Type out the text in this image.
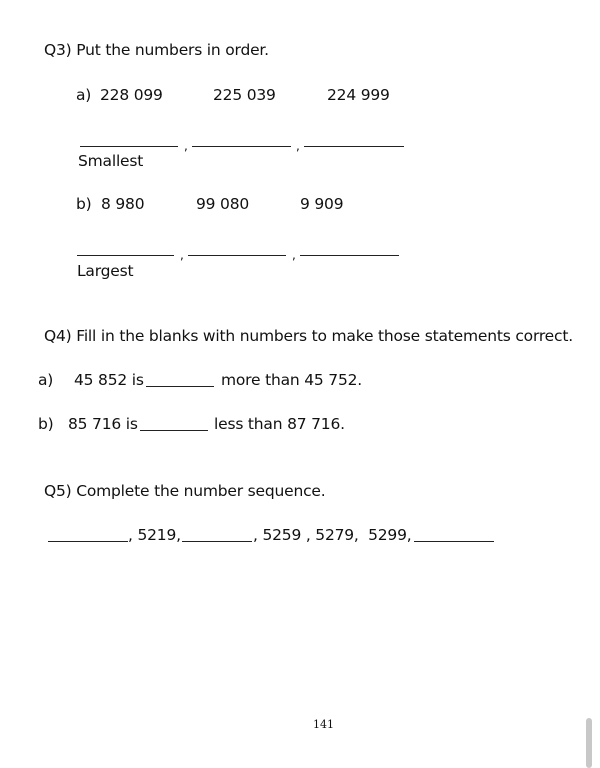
Q3) Put the numbers in order.
a) 228 099	225 039	224 999
,	,
Smallest
b) 8 980	99 080	9 909
,	,
Largest
Q4) Fill in the blanks with numbers to make those statements correct.
a) 45 852 is	more than 45 752.
b) 85 716 is	less than 87 716.
Q5) Complete the number sequence.
, 5219,	, 5259 , 5279,  5299,
141
